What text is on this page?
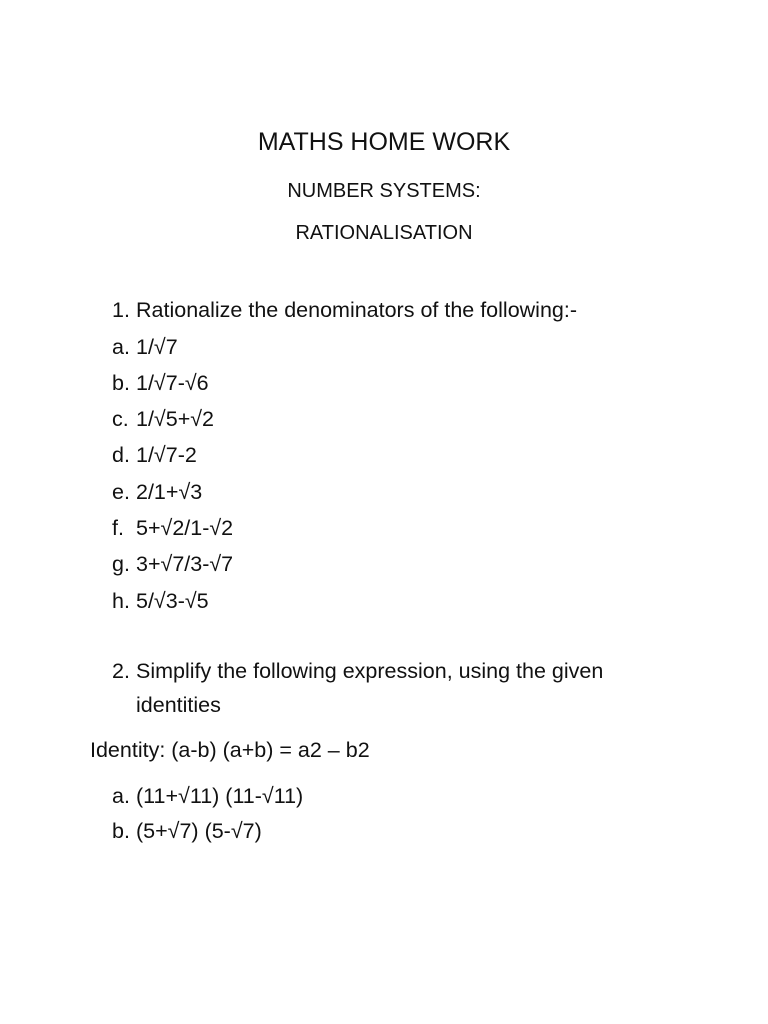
MATHS HOME WORK
NUMBER SYSTEMS:
RATIONALISATION
1. Rationalize the denominators of the following:-
a. 1/√7
b. 1/√7-√6
c. 1/√5+√2
d. 1/√7-2
e. 2/1+√3
f. 5+√2/1-√2
g. 3+√7/3-√7
h. 5/√3-√5
2. Simplify the following expression, using the given
identities
Identity: (a-b) (a+b) = a2 – b2
a. (11+√11) (11-√11)
b. (5+√7) (5-√7)
